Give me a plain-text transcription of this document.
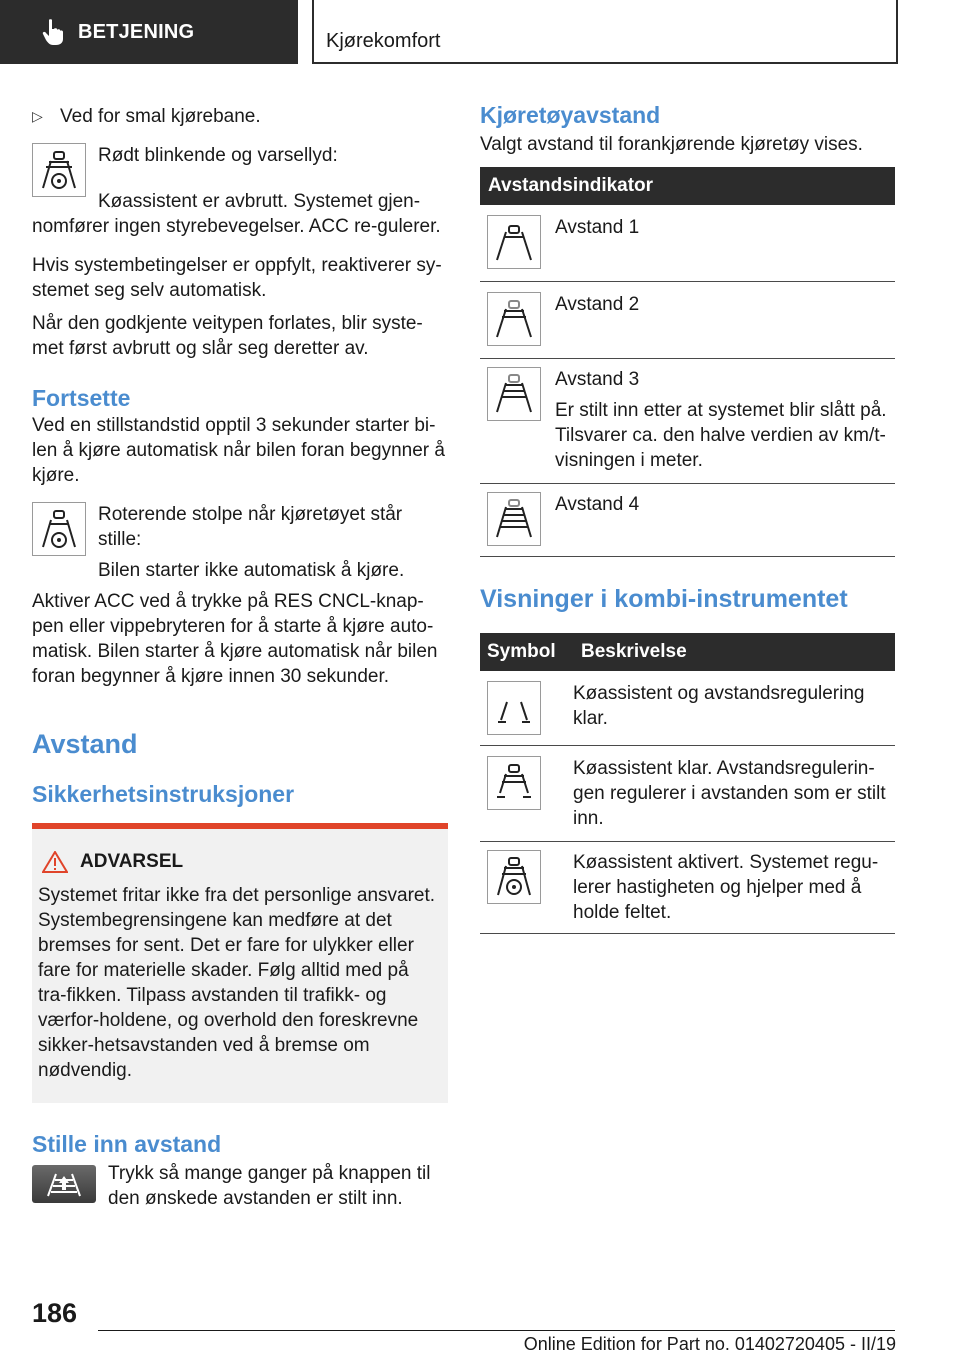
BETJENING	Kjørekomfort
▷ Ved for smal kjørebane.

Rødt blinkende og varsellyd:

Køassistent er avbrutt. Systemet gjen-nomfører ingen styrebevegelser. ACC re-gulerer.

Hvis systembetingelser er oppfylt, reaktiverer sy-stemet seg selv automatisk.

Når den godkjente veitypen forlates, blir syste-met først avbrutt og slår seg deretter av.

Fortsette

Ved en stillstandstid opptil 3 sekunder starter bi-len å kjøre automatisk når bilen foran begynner å kjøre.

Roterende stolpe når kjøretøyet står stille:

Bilen starter ikke automatisk å kjøre.

Aktiver ACC ved å trykke på RES CNCL-knap-pen eller vippebryteren for å starte å kjøre auto-matisk. Bilen starter å kjøre automatisk når bilen foran begynner å kjøre innen 30 sekunder.

Avstand

Sikkerhetsinstruksjoner

ADVARSEL

Systemet fritar ikke fra det personlige ansvaret. Systembegrensingene kan medføre at det bremses for sent. Det er fare for ulykker eller fare for materielle skader. Følg alltid med på tra-fikken. Tilpass avstanden til trafikk- og værfor-holdene, og overhold den foreskrevne sikker-hetsavstanden ved å bremse om nødvendig.

Stille inn avstand

Trykk så mange ganger på knappen til den ønskede avstanden er stilt inn.

Kjøretøyavstand

Valgt avstand til forankjørende kjøretøy vises.

Avstandsindikator

Avstand 1

Avstand 2

Avstand 3

Er stilt inn etter at systemet blir slått på. Tilsvarer ca. den halve verdien av km/t-visningen i meter.

Avstand 4

Visninger i kombi-instrumentet

Symbol	Beskrivelse

Køassistent og avstandsregulering klar.

Køassistent klar. Avstandsregulerin-gen regulerer i avstanden som er stilt inn.

Køassistent aktivert. Systemet regu-lerer hastigheten og hjelper med å holde feltet.

186
Online Edition for Part no. 01402720405 - II/19
